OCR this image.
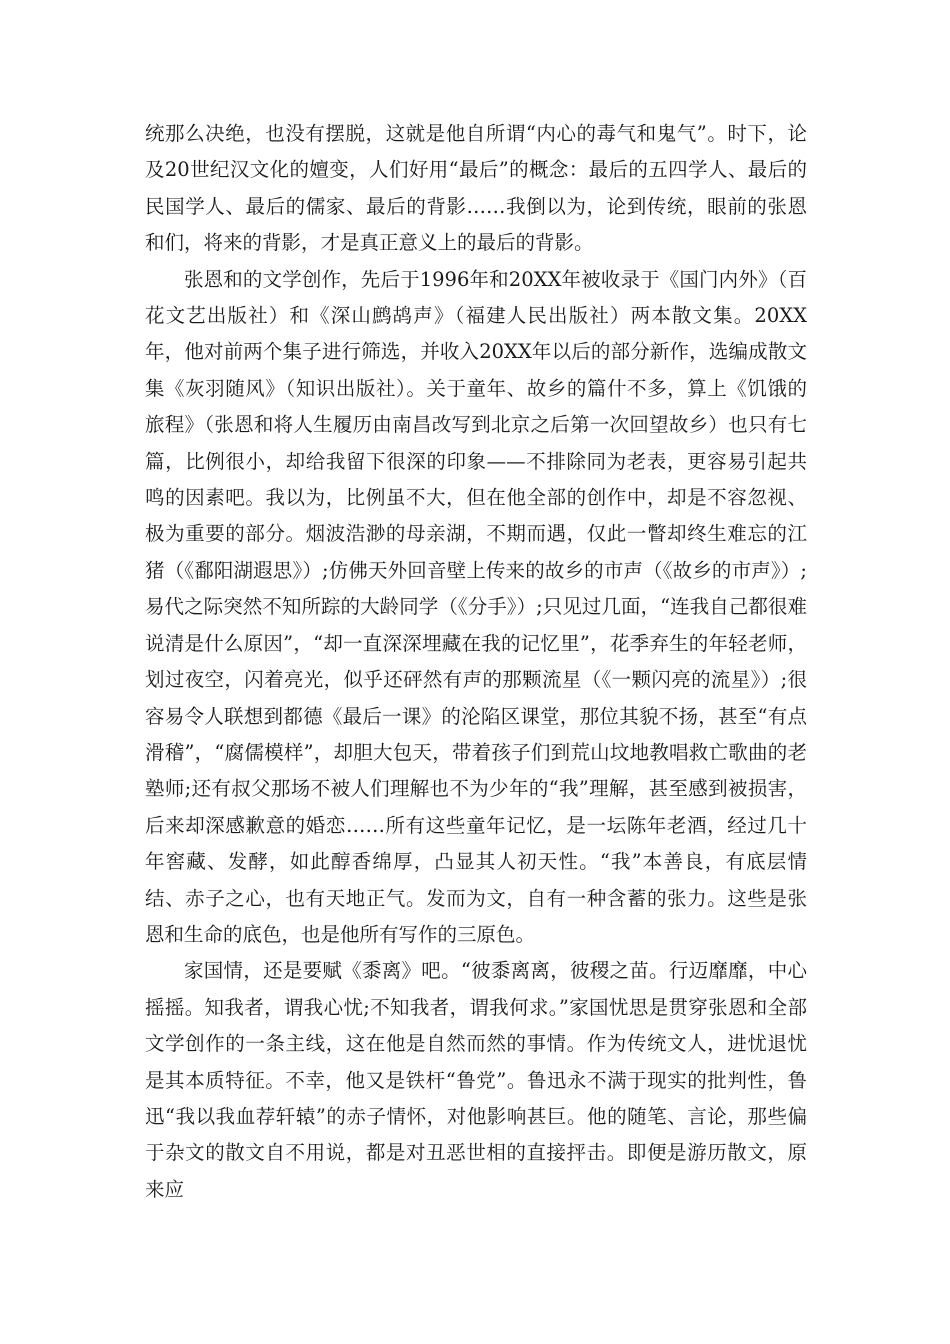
统那么决绝，也没有摆脱，这就是他自所谓“内心的毒气和鬼气”。时下，论及20世纪汉文化的嬗变，人们好用“最后”的概念：最后的五四学人、最后的民国学人、最后的儒家、最后的背影……我倒以为，论到传统，眼前的张恩和们，将来的背影，才是真正意义上的最后的背影。

张恩和的文学创作，先后于1996年和20XX年被收录于《国门内外》（百花文艺出版社）和《深山鹧鸪声》（福建人民出版社）两本散文集。20XX年，他对前两个集子进行筛选，并收入20XX年以后的部分新作，选编成散文集《灰羽随风》（知识出版社）。关于童年、故乡的篇什不多，算上《饥饿的旅程》（张恩和将人生履历由南昌改写到北京之后第一次回望故乡）也只有七篇，比例很小，却给我留下很深的印象——不排除同为老表，更容易引起共鸣的因素吧。我以为，比例虽不大，但在他全部的创作中，却是不容忽视、极为重要的部分。烟波浩渺的母亲湖，不期而遇，仅此一瞥却终生难忘的江猪（《鄱阳湖遐思》）;仿佛天外回音壁上传来的故乡的市声（《故乡的市声》）;易代之际突然不知所踪的大龄同学（《分手》）;只见过几面，“连我自己都很难说清是什么原因”，“却一直深深埋藏在我的记忆里”，花季弃生的年轻老师，划过夜空，闪着亮光，似乎还砰然有声的那颗流星（《一颗闪亮的流星》）;很容易令人联想到都德《最后一课》的沦陷区课堂，那位其貌不扬，甚至“有点滑稽”，“腐儒模样”，却胆大包天，带着孩子们到荒山坟地教唱救亡歌曲的老塾师;还有叔父那场不被人们理解也不为少年的“我”理解，甚至感到被损害，后来却深感歉意的婚恋……所有这些童年记忆，是一坛陈年老酒，经过几十年窖藏、发酵，如此醇香绵厚，凸显其人初天性。“我”本善良，有底层情结、赤子之心，也有天地正气。发而为文，自有一种含蓄的张力。这些是张恩和生命的底色，也是他所有写作的三原色。

家国情，还是要赋《黍离》吧。“彼黍离离，彼稷之苗。行迈靡靡，中心摇摇。知我者，谓我心忧;不知我者，谓我何求。”家国忧思是贯穿张恩和全部文学创作的一条主线，这在他是自然而然的事情。作为传统文人，进忧退忧是其本质特征。不幸，他又是铁杆“鲁党”。鲁迅永不满于现实的批判性，鲁迅“我以我血荐轩辕”的赤子情怀，对他影响甚巨。他的随笔、言论，那些偏于杂文的散文自不用说，都是对丑恶世相的直接抨击。即便是游历散文，原来应
